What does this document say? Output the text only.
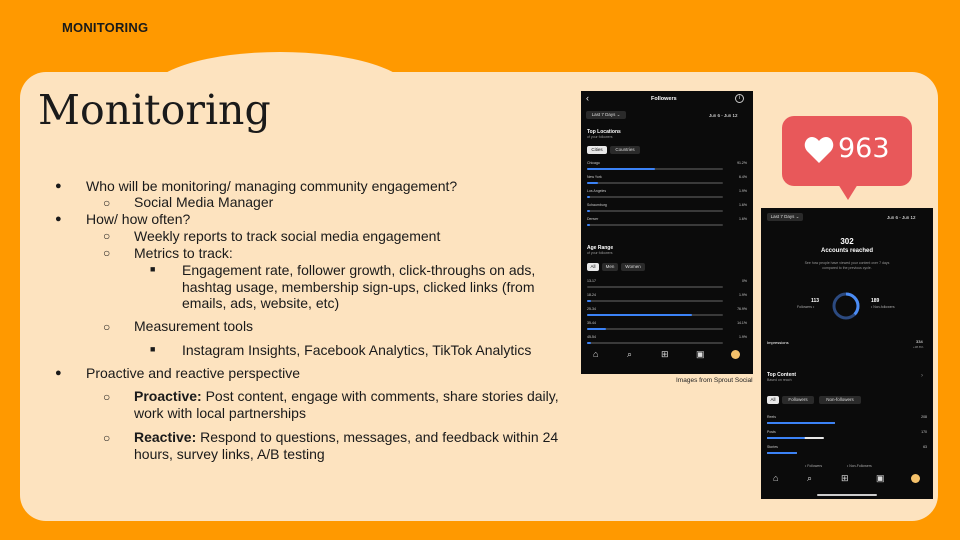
MONITORING
Monitoring
● Who will be monitoring/ managing community engagement?
○ Social Media Manager
● How/ how often?
○ Weekly reports to track social media engagement
○ Metrics to track:
■ Engagement rate, follower growth, click-throughs on ads,
hashtag usage, membership sign-ups, clicked links (from
emails, ads, website, etc)
○ Measurement tools
■ Instagram Insights, Facebook Analytics, TikTok Analytics
● Proactive and reactive perspective
○ Proactive: Post content, engage with comments, share stories daily,
work with local partnerships
○ Reactive: Respond to questions, messages, and feedback within 24
hours, survey links, A/B testing
‹	Followers	i
Last 7 Days ⌄	Jun 6 - Jun 12
Top Locations
of your followers
Cities	Countries
Chicago	91.2%
New York	6.4%
Los Angeles	1.9%
Schaumburg	1.6%
Denver	1.6%
Age Range
of your followers
All	Men	Women
13-17	0%
18-24	1.9%
25-34	76.9%
35-44	14.1%
45-54	1.9%
⌂	⌕	⊞	▣
Images from Sprout Social
Last 7 Days ⌄	Jun 6 - Jun 12
302
Accounts reached
See how people have viewed your content over 7 days
compared to the previous cycle.
113
Followers •
189
• Non-followers
Impressions	334
+38.8%
Top Content
Based on reach
›
All	Followers	Non-followers
Reels	208
Posts	170
Stories	63
• Followers	• Non-Followers
⌂	⌕	⊞	▣
963
